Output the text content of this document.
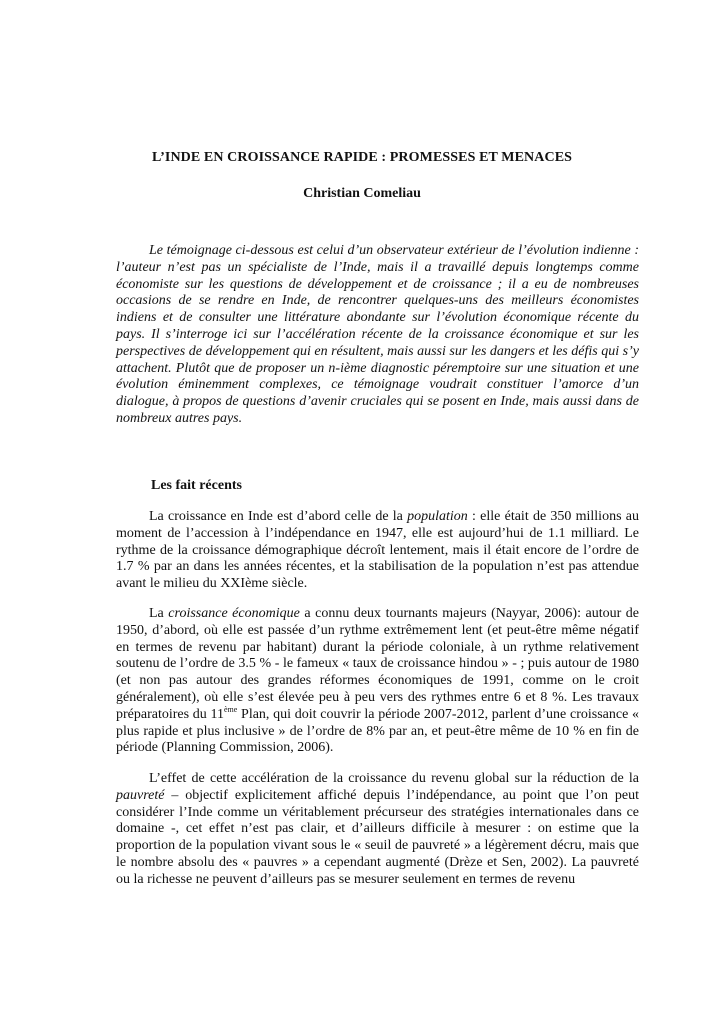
L’INDE EN CROISSANCE RAPIDE : PROMESSES ET MENACES
Christian Comeliau

Le témoignage ci-dessous est celui d’un observateur extérieur de l’évolution indienne : l’auteur n’est pas un spécialiste de l’Inde, mais il a travaillé depuis longtemps comme économiste sur les questions de développement et de croissance ; il a eu de nombreuses occasions de se rendre en Inde, de rencontrer quelques-uns des meilleurs économistes indiens et de consulter une littérature abondante sur l’évolution économique récente du pays. Il s’interroge ici sur l’accélération récente de la croissance économique et sur les perspectives de développement qui en résultent, mais aussi sur les dangers et les défis qui s’y attachent. Plutôt que de proposer un n-ième diagnostic péremptoire sur une situation et une évolution éminemment complexes, ce témoignage voudrait constituer l’amorce d’un dialogue, à propos de questions d’avenir cruciales qui se posent en Inde, mais aussi dans de nombreux autres pays.

Les fait récents

La croissance en Inde est d’abord celle de la population : elle était de 350 millions au moment de l’accession à l’indépendance en 1947, elle est aujourd’hui de 1.1 milliard. Le rythme de la croissance démographique décroît lentement, mais il était encore de l’ordre de 1.7 % par an dans les années récentes, et la stabilisation de la population n’est pas attendue avant le milieu du XXIème siècle.

La croissance économique a connu deux tournants majeurs (Nayyar, 2006): autour de 1950, d’abord, où elle est passée d’un rythme extrêmement lent (et peut-être même négatif en termes de revenu par habitant) durant la période coloniale, à un rythme relativement soutenu de l’ordre de 3.5 % - le fameux « taux de croissance hindou » - ; puis autour de 1980 (et non pas autour des grandes réformes économiques de 1991, comme on le croit généralement), où elle s’est élevée peu à peu vers des rythmes entre 6 et 8 %. Les travaux préparatoires du 11ème Plan, qui doit couvrir la période 2007-2012, parlent d’une croissance « plus rapide et plus inclusive » de l’ordre de 8% par an, et peut-être même de 10 % en fin de période (Planning Commission, 2006).

L’effet de cette accélération de la croissance du revenu global sur la réduction de la pauvreté – objectif explicitement affiché depuis l’indépendance, au point que l’on peut considérer l’Inde comme un véritablement précurseur des stratégies internationales dans ce domaine -, cet effet n’est pas clair, et d’ailleurs difficile à mesurer : on estime que la proportion de la population vivant sous le « seuil de pauvreté » a légèrement décru, mais que le nombre absolu des « pauvres » a cependant augmenté (Drèze et Sen, 2002). La pauvreté ou la richesse ne peuvent d’ailleurs pas se mesurer seulement en termes de revenu
